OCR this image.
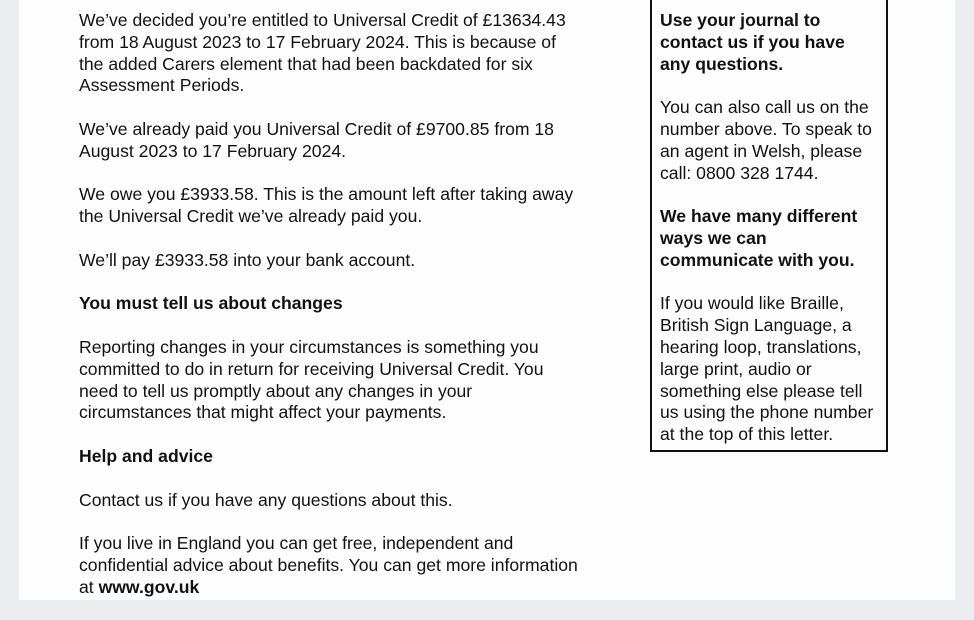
We’ve decided you’re entitled to Universal Credit of £13634.43
from 18 August 2023 to 17 February 2024. This is because of
the added Carers element that had been backdated for six
Assessment Periods.

We’ve already paid you Universal Credit of £9700.85 from 18
August 2023 to 17 February 2024.

We owe you £3933.58. This is the amount left after taking away
the Universal Credit we’ve already paid you.

We’ll pay £3933.58 into your bank account.

You must tell us about changes

Reporting changes in your circumstances is something you
committed to do in return for receiving Universal Credit. You
need to tell us promptly about any changes in your
circumstances that might affect your payments.

Help and advice

Contact us if you have any questions about this.

If you live in England you can get free, independent and
confidential advice about benefits. You can get more information
at www.gov.uk

Use your journal to
contact us if you have
any questions.

You can also call us on the
number above. To speak to
an agent in Welsh, please
call: 0800 328 1744.

We have many different
ways we can
communicate with you.

If you would like Braille,
British Sign Language, a
hearing loop, translations,
large print, audio or
something else please tell
us using the phone number
at the top of this letter.
